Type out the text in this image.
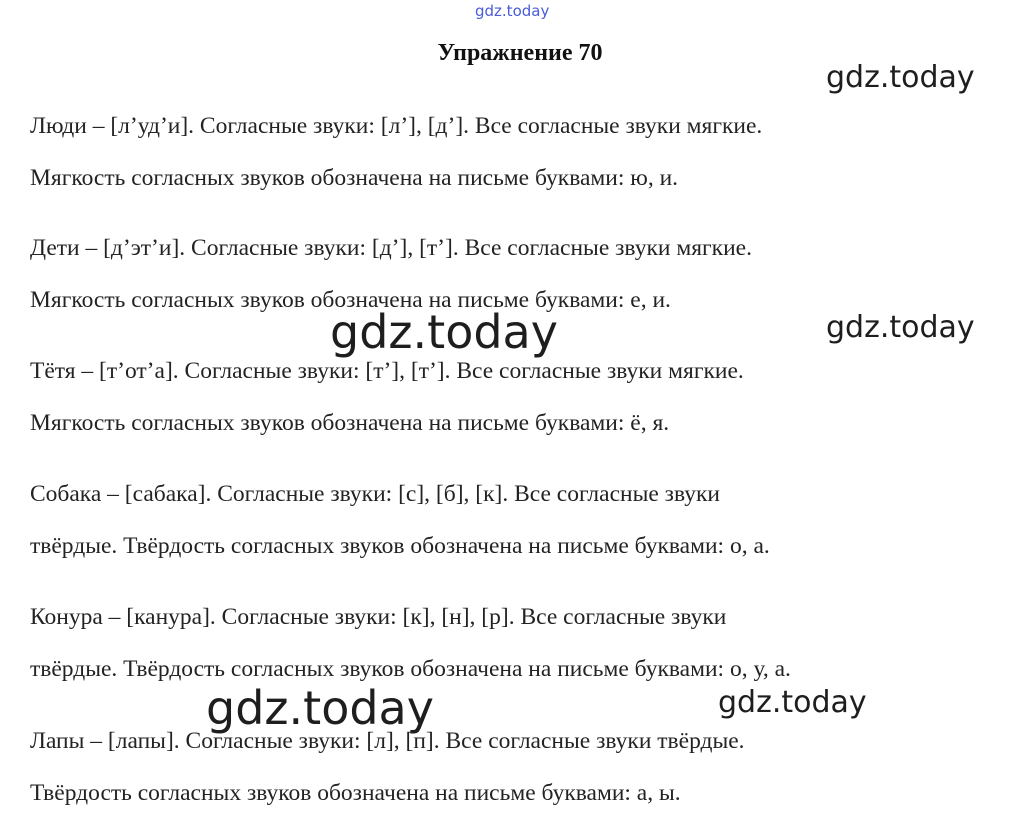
gdz.today
Упражнение 70
Люди – [л’уд’и]. Согласные звуки: [л’], [д’]. Все согласные звуки мягкие.
Мягкость согласных звуков обозначена на письме буквами: ю, и.
Дети – [д’эт’и]. Согласные звуки: [д’], [т’]. Все согласные звуки мягкие.
Мягкость согласных звуков обозначена на письме буквами: е, и.
Тётя – [т’от’а]. Согласные звуки: [т’], [т’]. Все согласные звуки мягкие.
Мягкость согласных звуков обозначена на письме буквами: ё, я.
Собака – [сабака]. Согласные звуки: [с], [б], [к]. Все согласные звуки
твёрдые. Твёрдость согласных звуков обозначена на письме буквами: о, а.
Конура – [канура]. Согласные звуки: [к], [н], [р]. Все согласные звуки
твёрдые. Твёрдость согласных звуков обозначена на письме буквами: о, у, а.
Лапы – [лапы]. Согласные звуки: [л], [п]. Все согласные звуки твёрдые.
Твёрдость согласных звуков обозначена на письме буквами: а, ы.
gdz.today
gdz.today
gdz.today
gdz.today
gdz.today
